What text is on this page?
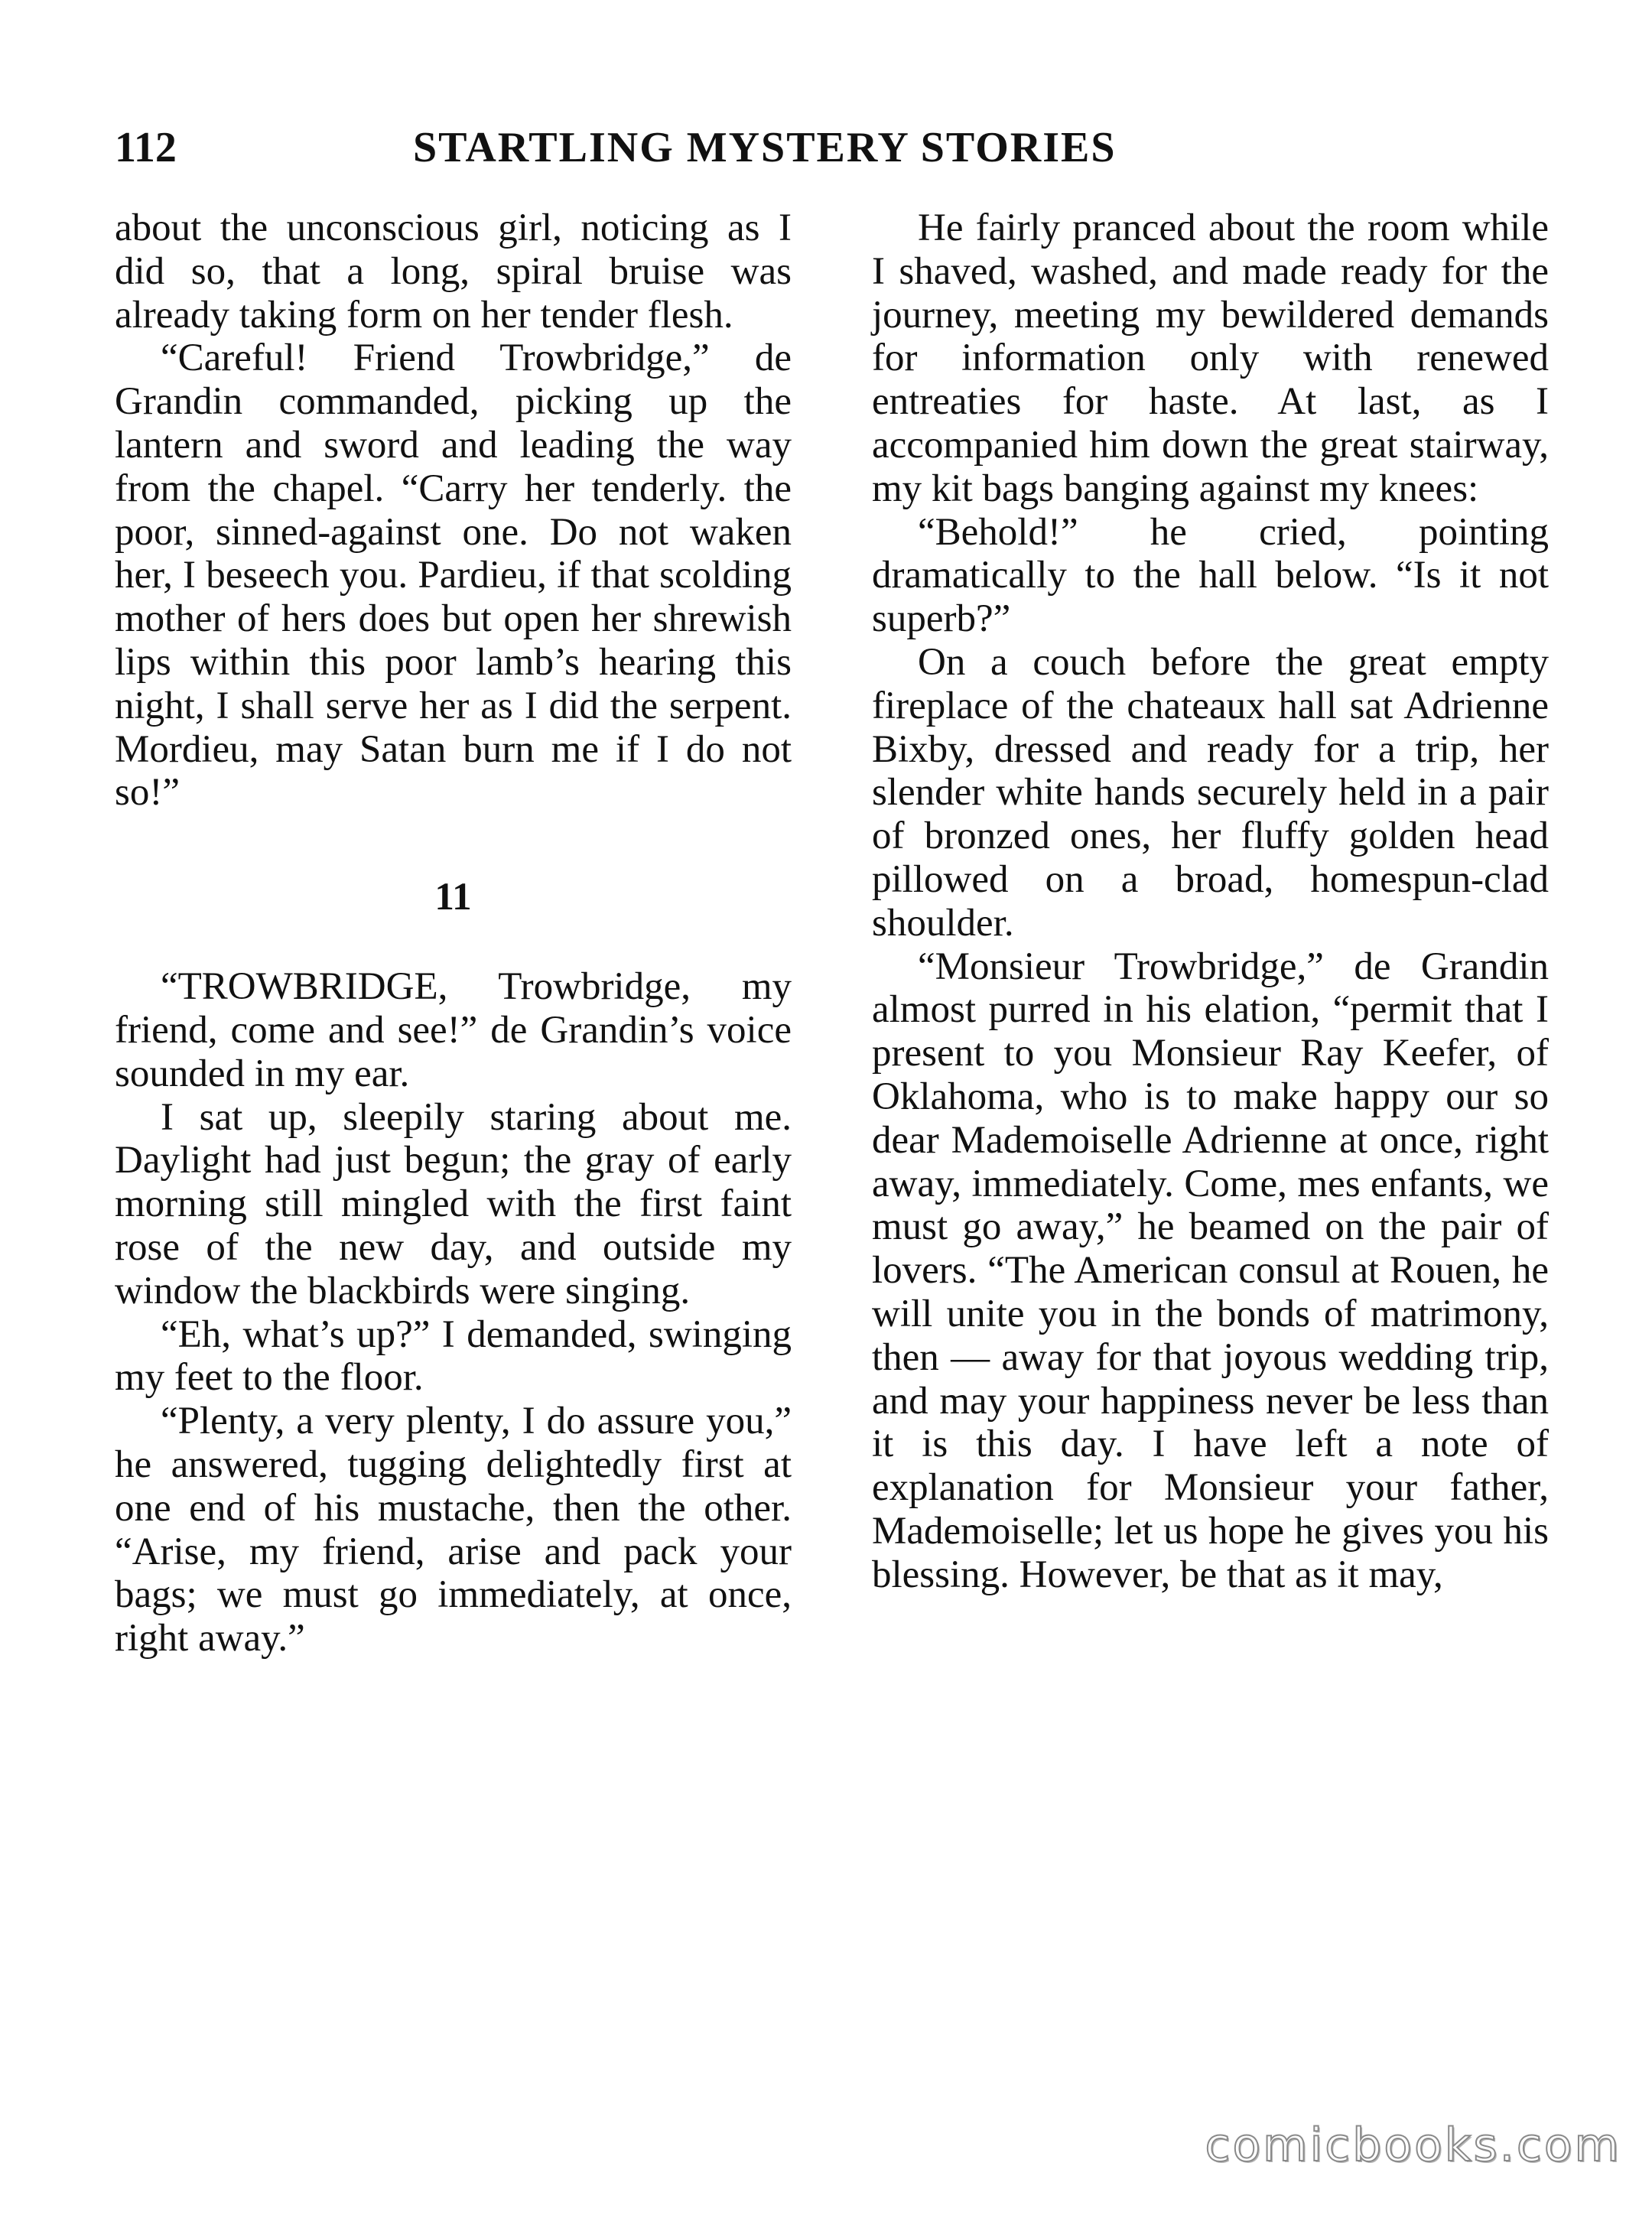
112	STARTLING MYSTERY STORIES

about the unconscious girl, noticing as I did so, that a long, spiral bruise was already taking form on her tender flesh.

“Careful! Friend Trowbridge,” de Grandin commanded, picking up the lantern and sword and leading the way from the chapel. “Carry her tenderly. the poor, sinned-against one. Do not waken her, I beseech you. Pardieu, if that scolding mother of hers does but open her shrewish lips within this poor lamb’s hearing this night, I shall serve her as I did the serpent. Mordieu, may Satan burn me if I do not so!”

11

“TROWBRIDGE, Trowbridge, my friend, come and see!” de Grandin’s voice sounded in my ear.

I sat up, sleepily staring about me. Daylight had just begun; the gray of early morning still mingled with the first faint rose of the new day, and outside my window the blackbirds were singing.

“Eh, what’s up?” I demanded, swinging my feet to the floor.

“Plenty, a very plenty, I do assure you,” he answered, tugging delightedly first at one end of his mustache, then the other. “Arise, my friend, arise and pack your bags; we must go immediately, at once, right away.”

He fairly pranced about the room while I shaved, washed, and made ready for the journey, meeting my bewildered demands for information only with renewed entreaties for haste. At last, as I accompanied him down the great stairway, my kit bags banging against my knees:

“Behold!” he cried, pointing dramatically to the hall below. “Is it not superb?”

On a couch before the great empty fireplace of the chateaux hall sat Adrienne Bixby, dressed and ready for a trip, her slender white hands securely held in a pair of bronzed ones, her fluffy golden head pillowed on a broad, homespun-clad shoulder.

“Monsieur Trowbridge,” de Grandin almost purred in his elation, “permit that I present to you Monsieur Ray Keefer, of Oklahoma, who is to make happy our so dear Mademoiselle Adrienne at once, right away, immediately. Come, mes enfants, we must go away,” he beamed on the pair of lovers. “The American consul at Rouen, he will unite you in the bonds of matrimony, then — away for that joyous wedding trip, and may your happiness never be less than it is this day. I have left a note of explanation for Monsieur your father, Mademoiselle; let us hope he gives you his blessing. However, be that as it may,

comicbooks.com
